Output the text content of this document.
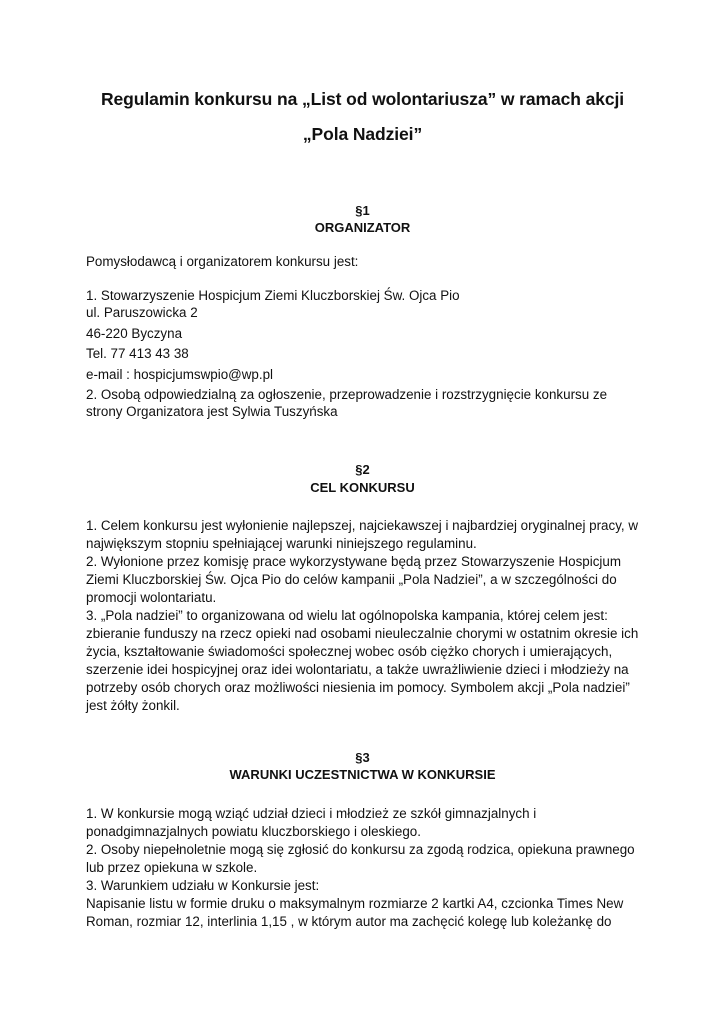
Regulamin konkursu na „List od wolontariusza” w ramach akcji
„Pola Nadziei”
§1
ORGANIZATOR
Pomysłodawcą i organizatorem konkursu jest:
1. Stowarzyszenie Hospicjum Ziemi Kluczborskiej Św. Ojca Pio
ul. Paruszowicka 2
46-220 Byczyna
Tel. 77 413 43 38
e-mail : hospicjumswpio@wp.pl
2. Osobą odpowiedzialną za ogłoszenie, przeprowadzenie i rozstrzygnięcie konkursu ze
strony Organizatora jest Sylwia Tuszyńska
§2
CEL KONKURSU
1. Celem konkursu jest wyłonienie najlepszej, najciekawszej i najbardziej oryginalnej pracy, w
największym stopniu spełniającej warunki niniejszego regulaminu.
2. Wyłonione przez komisję prace wykorzystywane będą przez Stowarzyszenie Hospicjum
Ziemi Kluczborskiej Św. Ojca Pio do celów kampanii „Pola Nadziei”, a w szczególności do
promocji wolontariatu.
3. „Pola nadziei” to organizowana od wielu lat ogólnopolska kampania, której celem jest:
zbieranie funduszy na rzecz opieki nad osobami nieuleczalnie chorymi w ostatnim okresie ich
życia, kształtowanie świadomości społecznej wobec osób ciężko chorych i umierających,
szerzenie idei hospicyjnej oraz idei wolontariatu, a także uwrażliwienie dzieci i młodzieży na
potrzeby osób chorych oraz możliwości niesienia im pomocy. Symbolem akcji „Pola nadziei”
jest żółty żonkil.
§3
WARUNKI UCZESTNICTWA W KONKURSIE
1. W konkursie mogą wziąć udział dzieci i młodzież ze szkół gimnazjalnych i
ponadgimnazjalnych powiatu kluczborskiego i oleskiego.
2. Osoby niepełnoletnie mogą się zgłosić do konkursu za zgodą rodzica, opiekuna prawnego
lub przez opiekuna w szkole.
3. Warunkiem udziału w Konkursie jest:
Napisanie listu w formie druku o maksymalnym rozmiarze 2 kartki A4, czcionka Times New
Roman, rozmiar 12, interlinia 1,15 , w którym autor ma zachęcić kolegę lub koleżankę do
